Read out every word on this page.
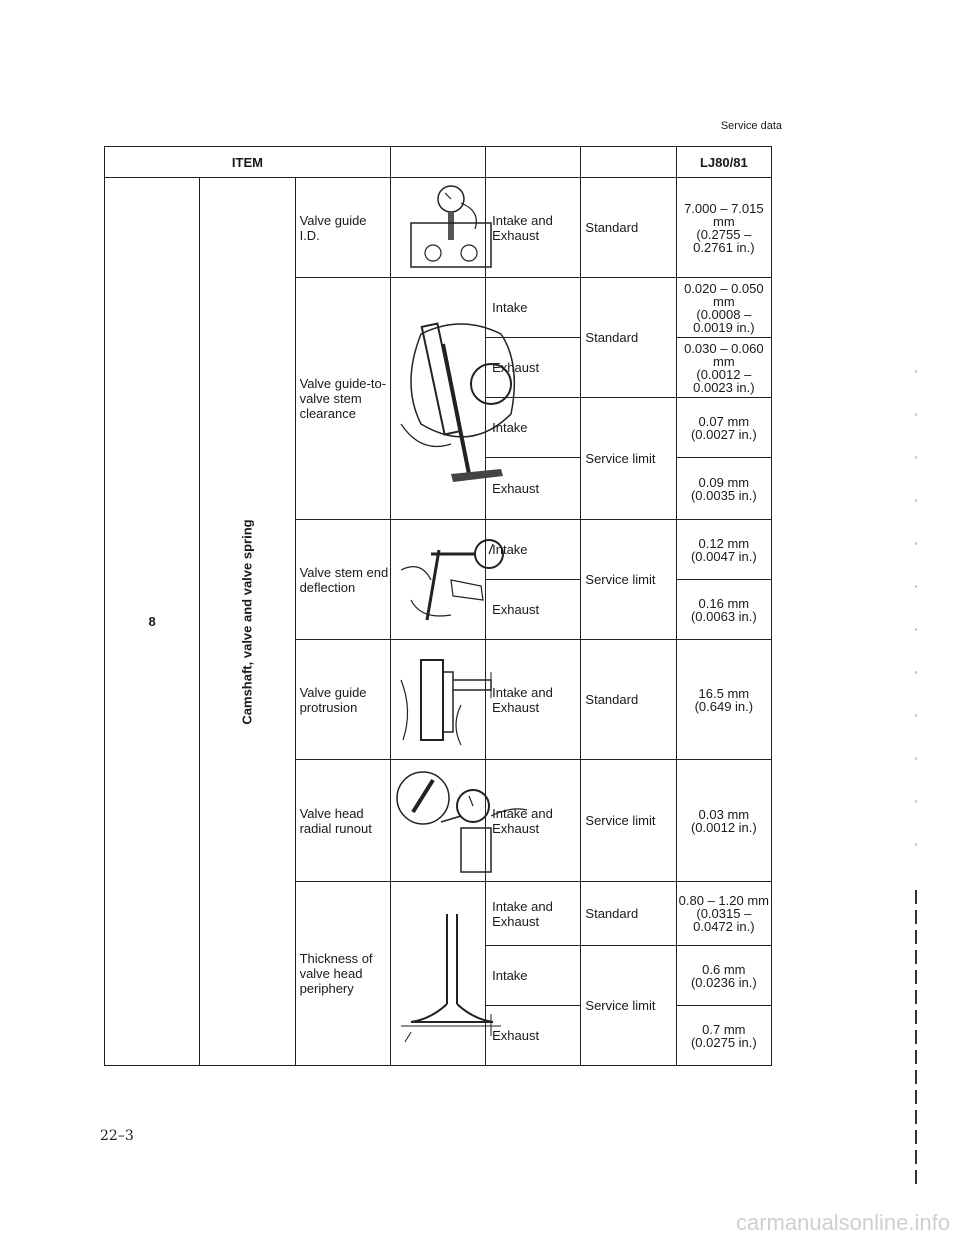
Service data
ITEM						LJ80/81
8	Camshaft, valve and valve spring	Valve guide I.D.		Intake and Exhaust	Standard	7.000 – 7.015 mm
(0.2755 – 0.2761 in.)

		Valve guide-to-valve stem clearance		Intake	Standard	0.020 – 0.050 mm
(0.0008 – 0.0019 in.)

				Exhaust		0.030 – 0.060 mm
(0.0012 – 0.0023 in.)

				Intake	Service limit	0.07 mm
(0.0027 in.)

				Exhaust		0.09 mm
(0.0035 in.)

		Valve stem end deflection		Intake	Service limit	0.12 mm
(0.0047 in.)

				Exhaust		0.16 mm
(0.0063 in.)

		Valve guide protrusion		Intake and Exhaust	Standard	16.5 mm
(0.649 in.)

		Valve head radial runout		Intake and Exhaust	Service limit	0.03 mm
(0.0012 in.)

		Thickness of valve head periphery		Intake and Exhaust	Standard	0.80 – 1.20 mm
(0.0315 – 0.0472 in.)

				Intake	Service limit	0.6 mm
(0.0236 in.)

				Exhaust		0.7 mm
(0.0275 in.)
22–3
carmanualsonline.info
